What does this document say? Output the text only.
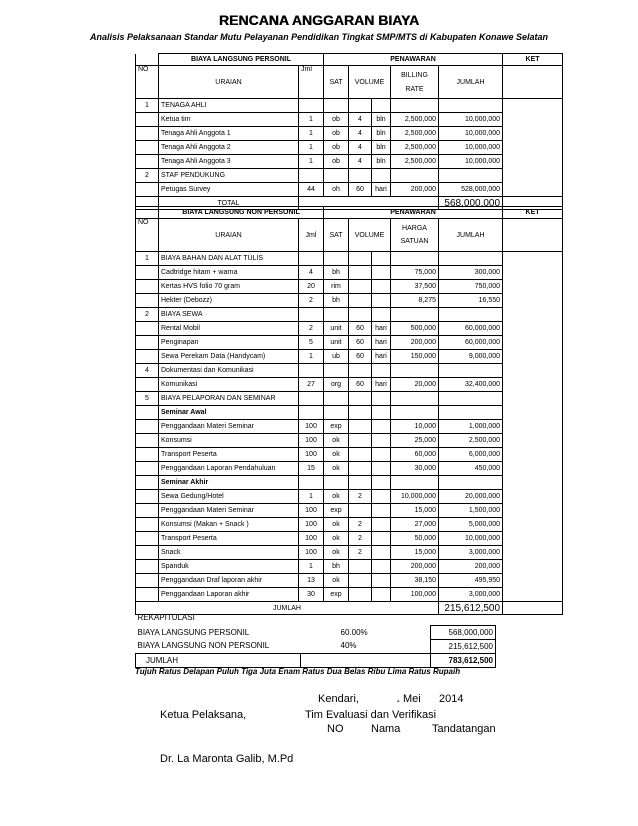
RENCANA ANGGARAN BIAYA
Analisis Pelaksanaan Standar Mutu Pelayanan Pendidikan Tingkat SMP/MTS di Kabupaten Konawe Selatan
	BIAYA LANGSUNG PERSONIL		PENAWARAN					KET
NO	URAIAN	Jml	SAT	VOLUME		BILLING
RATE	JUMLAH	
1	TENAGA AHLI							
	Ketua tim	1	ob	4	bln	2,500,000	10,000,000	
	Tenaga Ahli Anggota 1	1	ob	4	bln	2,500,000	10,000,000	
	Tenaga Ahli Anggota 2	1	ob	4	bln	2,500,000	10,000,000	
	Tenaga Ahli Anggota 3	1	ob	4	bln	2,500,000	10,000,000	
2	STAF PENDUKUNG							
	Petugas Survey	44	oh	60	hari	200,000	528,000,000	
	TOTAL						568,000,000	
	BIAYA LANGSUNG NON PERSONIL		PENAWARAN					KET
NO	URAIAN	Jml	SAT	VOLUME		HARGA
SATUAN	JUMLAH	
1	BIAYA BAHAN DAN ALAT TULIS							
	Cadtridge hitam + warna	4	bh			75,000	300,000	
	Kertas HVS folio 70 gram	20	rim			37,500	750,000	
	Hekter (Debozz)	2	bh			8,275	16,550	
2	BIAYA SEWA							
	Rental Mobil	2	unit	60	hari	500,000	60,000,000	
	Penginapan	5	unit	60	hari	200,000	60,000,000	
	Sewa Perekam Data (Handycam)	1	ub	60	hari	150,000	9,000,000	
4	Dokumentasi dan Komunikasi							
	Komunikasi	27	org	60	hari	20,000	32,400,000	
5	BIAYA PELAPORAN DAN SEMINAR							
	Seminar Awal							
	Penggandaan Materi Seminar	100	exp			10,000	1,000,000	
	Konsumsi	100	ok			25,000	2,500,000	
	Transport Peserta	100	ok			60,000	6,000,000	
	Penggandaan Laporan Pendahuluan	15	ok			30,000	450,000	
	Seminar Akhir							
	Sewa Gedung/Hotel	1	ok	2		10,000,000	20,000,000	
	Penggandaan Materi Seminar	100	exp			15,000	1,500,000	
	Konsumsi (Makan + Snack )	100	ok	2		27,000	5,000,000	
	Transport Peserta	100	ok	2		50,000	10,000,000	
	Snack	100	ok	2		15,000	3,000,000	
	Spanduk	1	bh			200,000	200,000	
	Penggandaan Draf laporan akhir	13	ok			38,150	495,950	
	Penggandaan Laporan akhir	30	exp			100,000	3,000,000	
JUMLAH							215,612,500	
REKAPITULASI		
BIAYA LANGSUNG PERSONIL	60.00%	568,000,000
BIAYA LANGSUNG NON PERSONIL	40%	215,612,500
JUMLAH		783,612,500
Tujuh Ratus Delapan Puluh Tiga Juta Enam Ratus Dua Belas Ribu Lima Ratus Rupaih
Kendari,	˛ Mei 2014
Ketua Pelaksana,	Tim Evaluasi dan Verifikasi
NO	Nama	Tandatangan
Dr. La Maronta Galib, M.Pd
